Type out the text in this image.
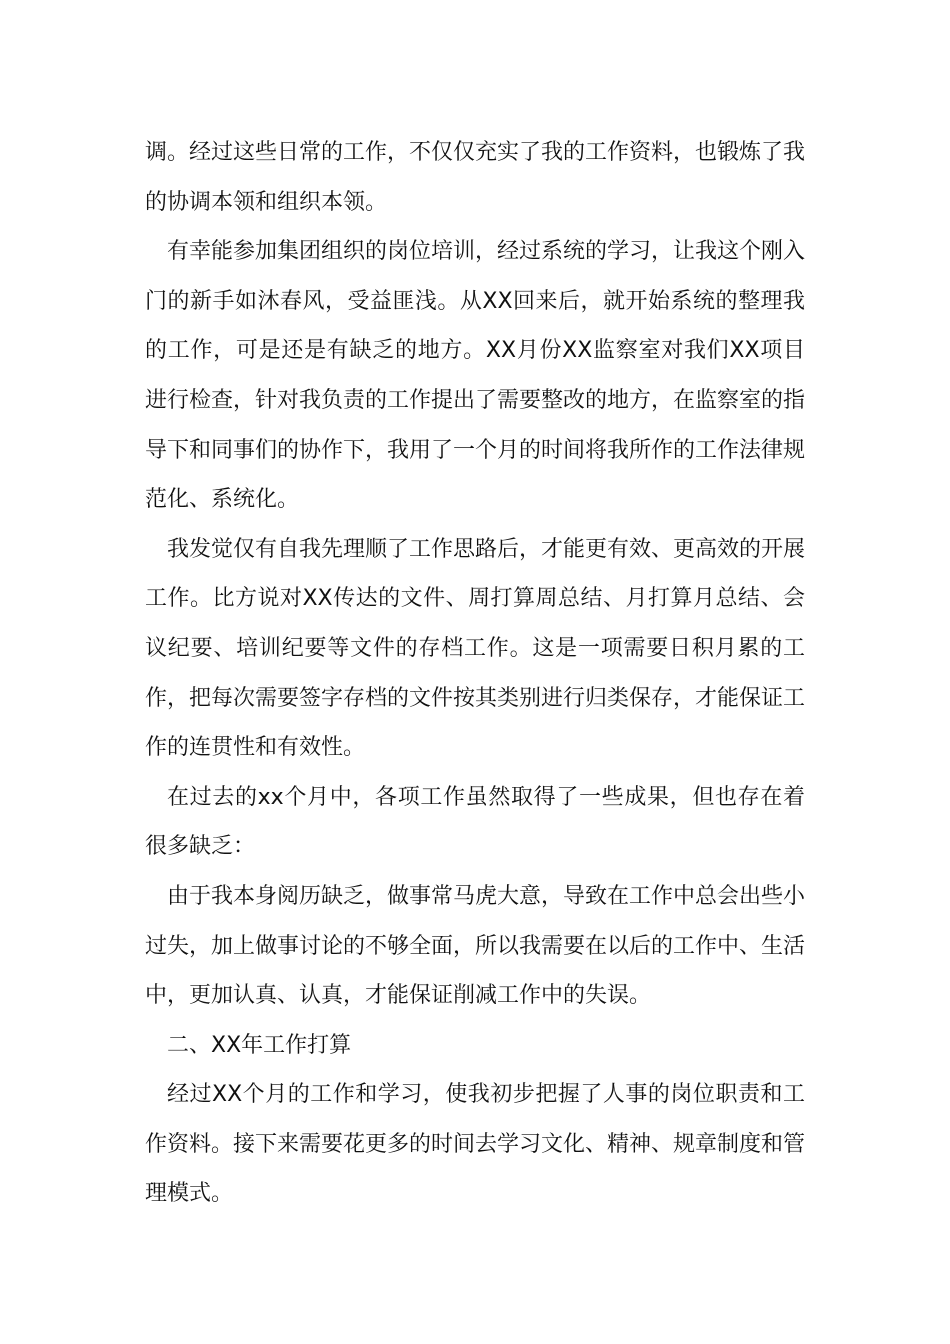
调。经过这些日常的工作，不仅仅充实了我的工作资料，也锻炼了我的协调本领和组织本领。

有幸能参加集团组织的岗位培训，经过系统的学习，让我这个刚入门的新手如沐春风，受益匪浅。从XX回来后，就开始系统的整理我的工作，可是还是有缺乏的地方。XX月份XX监察室对我们XX项目进行检查，针对我负责的工作提出了需要整改的地方，在监察室的指导下和同事们的协作下，我用了一个月的时间将我所作的工作法律规范化、系统化。

我发觉仅有自我先理顺了工作思路后，才能更有效、更高效的开展工作。比方说对XX传达的文件、周打算周总结、月打算月总结、会议纪要、培训纪要等文件的存档工作。这是一项需要日积月累的工作，把每次需要签字存档的文件按其类别进行归类保存，才能保证工作的连贯性和有效性。

在过去的xx个月中，各项工作虽然取得了一些成果，但也存在着很多缺乏：

由于我本身阅历缺乏，做事常马虎大意，导致在工作中总会出些小过失，加上做事讨论的不够全面，所以我需要在以后的工作中、生活中，更加认真、认真，才能保证削减工作中的失误。

二、XX年工作打算

经过XX个月的工作和学习，使我初步把握了人事的岗位职责和工作资料。接下来需要花更多的时间去学习文化、精神、规章制度和管理模式。
